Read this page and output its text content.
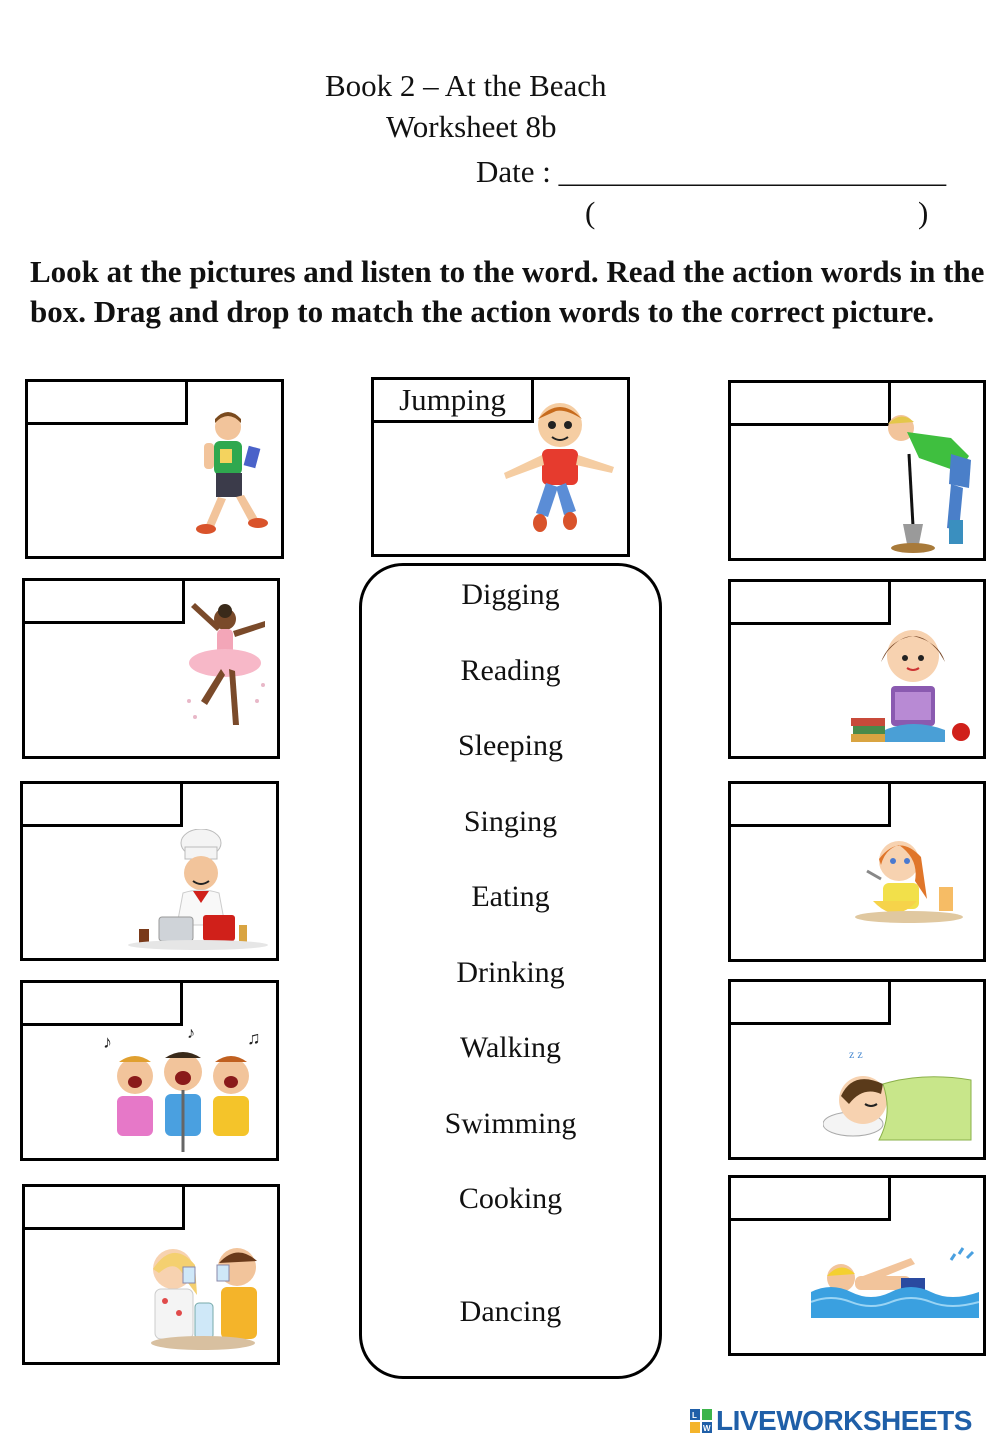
Book 2 – At the Beach
Worksheet 8b
Date : _________________________
(	)
Look at the pictures and listen to the word. Read the action words in the box. Drag and drop to match the action words to the correct picture.
Jumping
♪	♫
♪
z z
Digging
Reading
Sleeping
Singing
Eating
Drinking
Walking
Swimming
Cooking
Dancing
L
W LIVEWORKSHEETS
